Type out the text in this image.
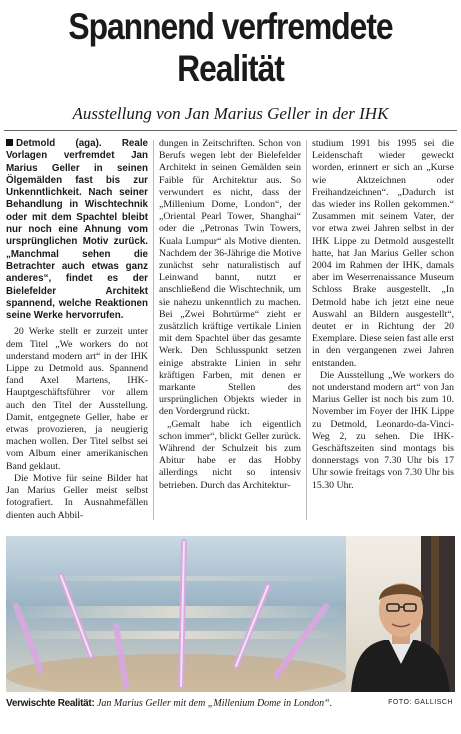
Spannend verfremdete
Realität
Ausstellung von Jan Marius Geller in der IHK
Detmold (aga). Reale Vorlagen verfremdet Jan Marius Geller in seinen Ölgemälden fast bis zur Unkenntlichkeit. Nach seiner Behandlung in Wischtechnik oder mit dem Spachtel bleibt nur noch eine Ahnung vom ursprünglichen Motiv zurück. „Manchmal sehen die Betrachter auch etwas ganz anderes“, findet es der Bielefelder Architekt spannend, welche Reaktionen seine Werke hervorrufen.

20 Werke stellt er zurzeit unter dem Titel „We workers do not understand modern art“ in der IHK Lippe zu Detmold aus. Spannend fand Axel Martens, IHK-Hauptgeschäftsführer vor allem auch den Titel der Ausstellung. Damit, entgegnete Geller, habe er etwas provozieren, ja neugierig machen wollen. Der Titel selbst sei vom Album einer amerikanischen Band geklaut.

Die Motive für seine Bilder hat Jan Marius Geller meist selbst fotografiert. In Ausnahmefällen dienten auch Abbil-

dungen in Zeitschriften. Schon von Berufs wegen lebt der Bielefelder Architekt in seinen Gemälden sein Faible für Architektur aus. So verwundert es nicht, dass der „Millenium Dome, London“, der „Oriental Pearl Tower, Shanghai“ oder die „Petronas Twin Towers, Kuala Lumpur“ als Motive dienten. Nachdem der 36-Jährige die Motive zunächst sehr naturalistisch auf Leinwand bannt, nutzt er anschließend die Wischtechnik, um sie nahezu unkenntlich zu machen. Bei „Zwei Bohrtürme“ zieht er zusätzlich kräftige vertikale Linien mit dem Spachtel über das gesamte Werk. Den Schlusspunkt setzen einige abstrakte Linien in sehr kräftigen Farben, mit denen er markante Stellen des ursprünglichen Objekts wieder in den Vordergrund rückt.

„Gemalt habe ich eigentlich schon immer“, blickt Geller zurück. Während der Schulzeit bis zum Abitur habe er das Hobby allerdings nicht so intensiv betrieben. Durch das Architektur-

studium 1991 bis 1995 sei die Leidenschaft wieder geweckt worden, erinnert er sich an „Kurse wie Aktzeichnen oder Freihandzeichnen“. „Dadurch ist das wieder ins Rollen gekommen.“ Zusammen mit seinem Vater, der vor etwa zwei Jahren selbst in der IHK Lippe zu Detmold ausgestellt hatte, hat Jan Marius Geller schon 2004 im Rahmen der IHK, damals aber im Weserrenaissance Museum Schloss Brake ausgestellt. „In Detmold habe ich jetzt eine neue Auswahl an Bildern ausgestellt“, deutet er in Richtung der 20 Exemplare. Diese seien fast alle erst in den vergangenen zwei Jahren entstanden.

Die Ausstellung „We workers do not understand modern art“ von Jan Marius Geller ist noch bis zum 10. November im Foyer der IHK Lippe zu Detmold, Leonardo-da-Vinci-Weg 2, zu sehen. Die IHK-Geschäftszeiten sind montags bis donnerstags von 7.30 Uhr bis 17 Uhr sowie freitags von 7.30 Uhr bis 15.30 Uhr.

Verwischte Realität: Jan Marius Geller mit dem „Millenium Dome in London“.	FOTO: GALLISCH
